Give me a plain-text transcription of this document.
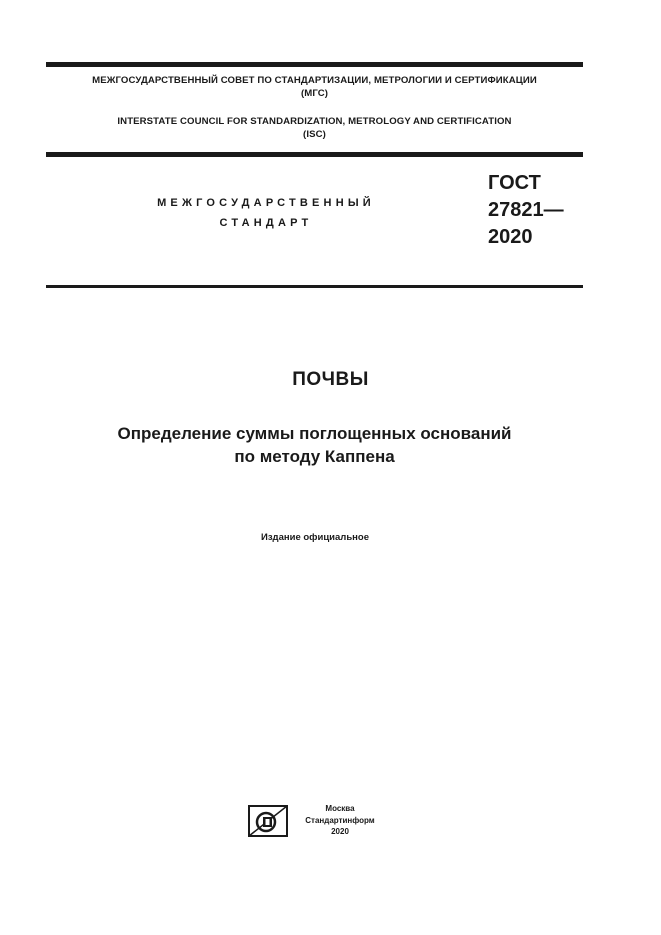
МЕЖГОСУДАРСТВЕННЫЙ СОВЕТ ПО СТАНДАРТИЗАЦИИ, МЕТРОЛОГИИ И СЕРТИФИКАЦИИ
(МГС)
INTERSTATE COUNCIL FOR STANDARDIZATION, METROLOGY AND CERTIFICATION
(ISC)
МЕЖГОСУДАРСТВЕННЫЙ
СТАНДАРТ
ГОСТ
27821—
2020
ПОЧВЫ
Определение суммы поглощенных оснований
по методу Каппена
Издание официальное
Москва
Стандартинформ
2020
